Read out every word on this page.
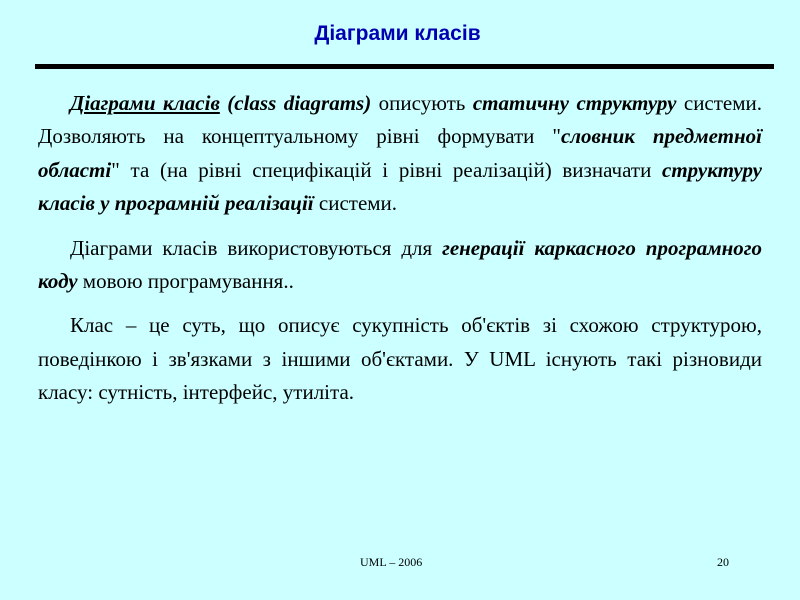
Діаграми класів

Діаграми класів (class diagrams) описують статичну структуру системи. Дозволяють на концептуальному рівні формувати "словник предметної області" та (на рівні специфікацій і рівні реалізацій) визначати структуру класів у програмній реалізації системи.

Діаграми класів використовуються для генерації каркасного програмного коду мовою програмування..

Клас – це суть, що описує сукупність об'єктів зі схожою структурою, поведінкою і зв'язками з іншими об'єктами. У UML існують такі різновиди класу: сутність, інтерфейс, утиліта.

UML – 2006	20
